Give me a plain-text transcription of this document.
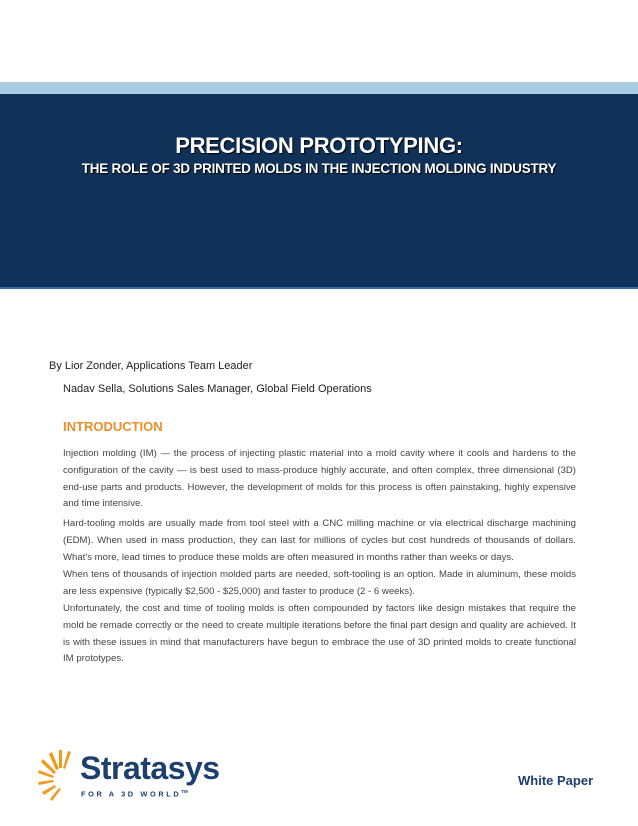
PRECISION PROTOTYPING:
THE ROLE OF 3D PRINTED MOLDS IN THE INJECTION MOLDING INDUSTRY
By Lior Zonder, Applications Team Leader
Nadav Sella, Solutions Sales Manager, Global Field Operations
INTRODUCTION

Injection molding (IM) — the process of injecting plastic material into a mold cavity where it cools and hardens to the configuration of the cavity — is best used to mass-produce highly accurate, and often complex, three dimensional (3D) end-use parts and products. However, the development of molds for this process is often painstaking, highly expensive and time intensive.

Hard-tooling molds are usually made from tool steel with a CNC milling machine or via electrical discharge machining (EDM). When used in mass production, they can last for millions of cycles but cost hundreds of thousands of dollars. What's more, lead times to produce these molds are often measured in months rather than weeks or days.

When tens of thousands of injection molded parts are needed, soft-tooling is an option. Made in aluminum, these molds are less expensive (typically $2,500 - $25,000) and faster to produce (2 - 6 weeks).

Unfortunately, the cost and time of tooling molds is often compounded by factors like design mistakes that require the mold be remade correctly or the need to create multiple iterations before the final part design and quality are achieved. It is with these issues in mind that manufacturers have begun to embrace the use of 3D printed molds to create functional IM prototypes.

Stratasys
FOR A 3D WORLD™
White Paper
